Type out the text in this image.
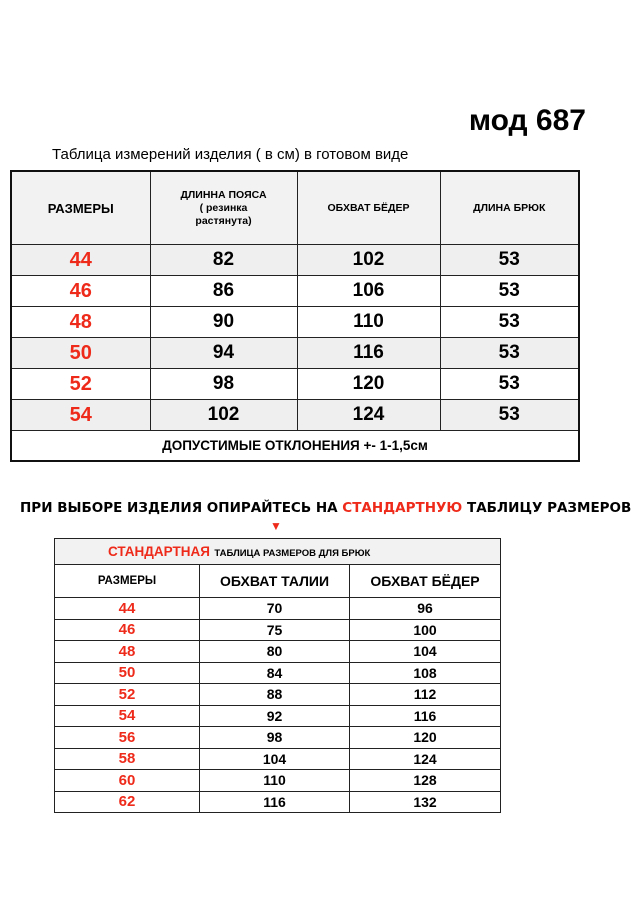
мод 687
Таблица измерений изделия ( в см) в готовом виде
РАЗМЕРЫ	ДЛИННА ПОЯСА
( резинка
растянута)	ОБХВАТ БЁДЕР	ДЛИНА БРЮК
44	82	102	53
46	86	106	53
48	90	110	53
50	94	116	53
52	98	120	53
54	102	124	53
ДОПУСТИМЫЕ ОТКЛОНЕНИЯ +- 1-1,5см			
ПРИ ВЫБОРЕ ИЗДЕЛИЯ ОПИРАЙТЕСЬ НА СТАНДАРТНУЮ ТАБЛИЦУ РАЗМЕРОВ
▼
СТАНДАРТНАЯ ТАБЛИЦА РАЗМЕРОВ ДЛЯ БРЮК		
РАЗМЕРЫ	ОБХВАТ ТАЛИИ	ОБХВАТ БЁДЕР
44	70	96
46	75	100
48	80	104
50	84	108
52	88	112
54	92	116
56	98	120
58	104	124
60	110	128
62	116	132
